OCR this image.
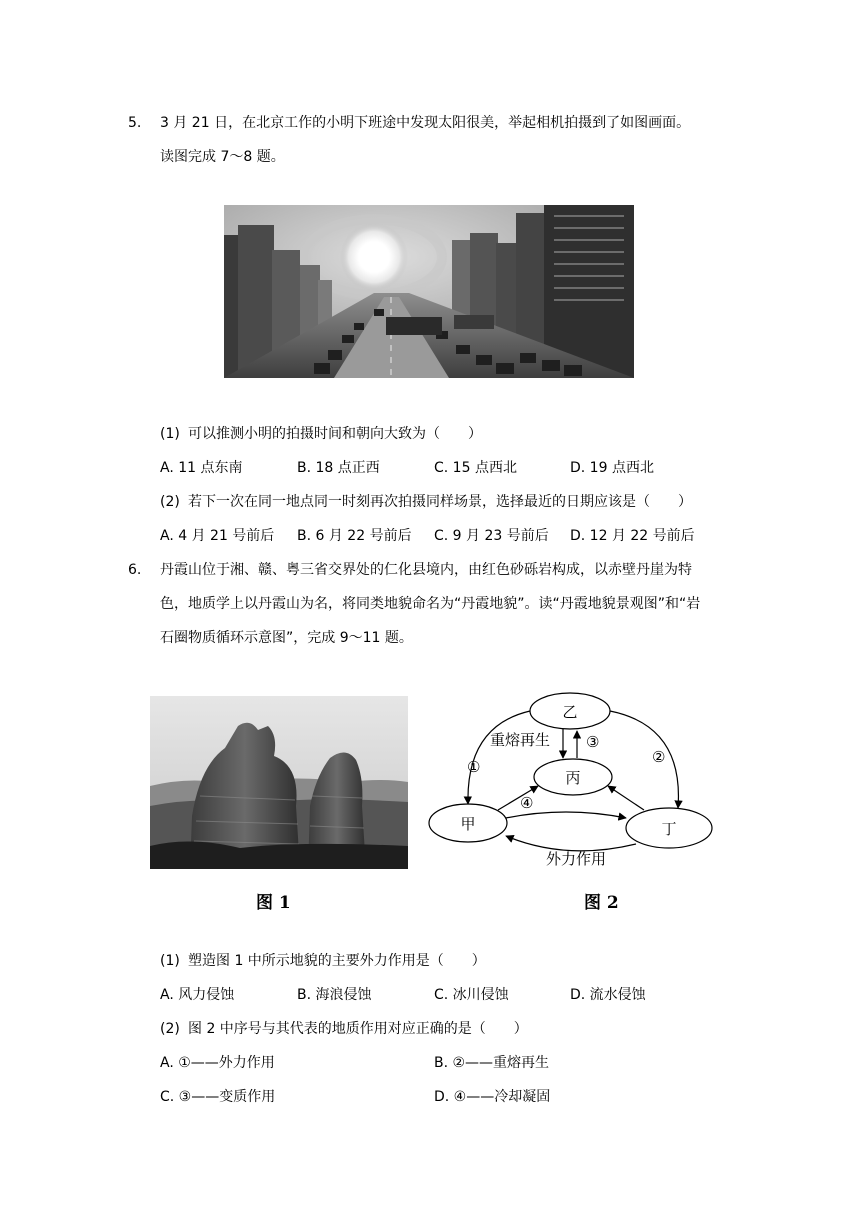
5. 3 月 21 日，在北京工作的小明下班途中发现太阳很美，举起相机拍摄到了如图画面。
读图完成 7～8 题。
(1) 可以推测小明的拍摄时间和朝向大致为（　　）
A. 11 点东南	B. 18 点正西	C. 15 点西北	D. 19 点西北
(2) 若下一次在同一地点同一时刻再次拍摄同样场景，选择最近的日期应该是（　　）
A. 4 月 21 号前后 B. 6 月 22 号前后 C. 9 月 23 号前后 D. 12 月 22 号前后
6. 丹霞山位于湘、赣、粤三省交界处的仁化县境内，由红色砂砾岩构成，以赤壁丹崖为特
色，地质学上以丹霞山为名，将同类地貌命名为“丹霞地貌”。读“丹霞地貌景观图”和“岩
石圈物质循环示意图”，完成 9～11 题。
乙
丙
甲	丁
重熔再生
外力作用
①
②
③
④
图 1	图 2
(1) 塑造图 1 中所示地貌的主要外力作用是（　　）
A. 风力侵蚀	B. 海浪侵蚀	C. 冰川侵蚀	D. 流水侵蚀
(2) 图 2 中序号与其代表的地质作用对应正确的是（　　）
A. ①——外力作用	B. ②——重熔再生
C. ③——变质作用	D. ④——冷却凝固
